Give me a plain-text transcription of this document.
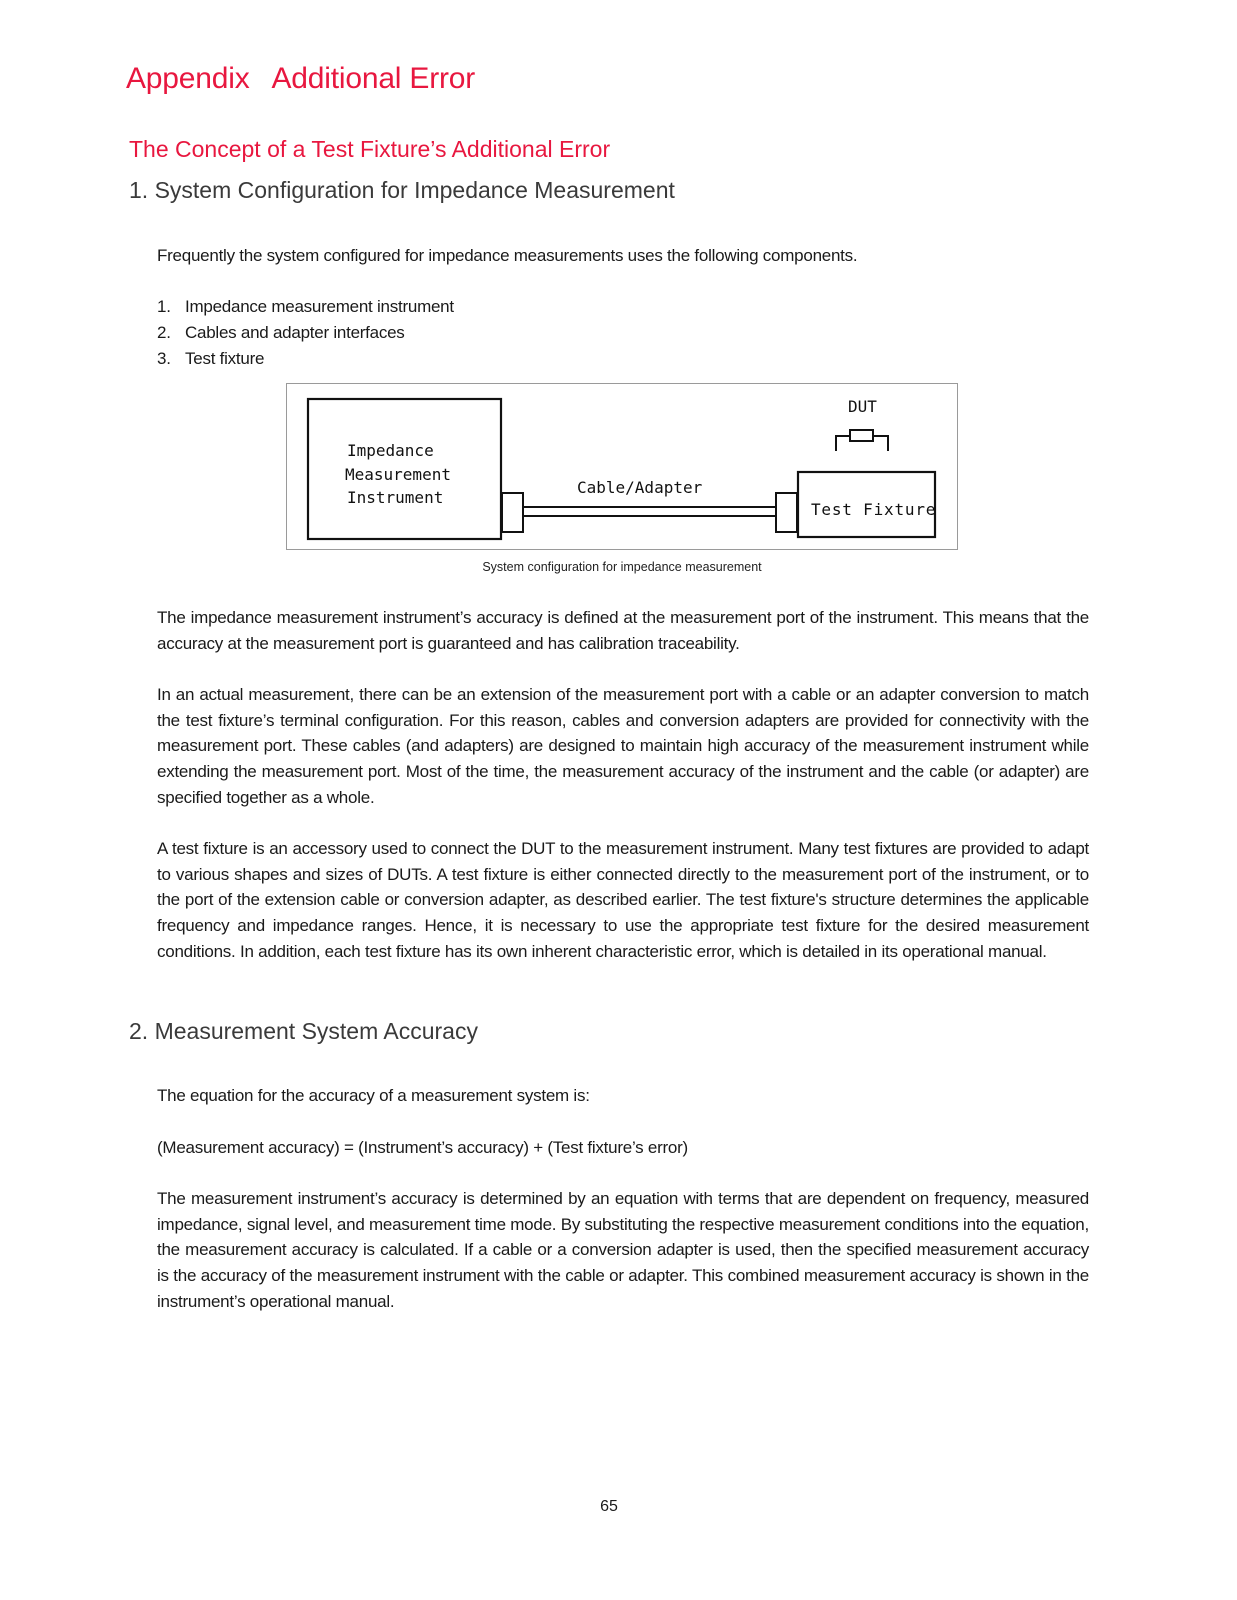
Appendix Additional Error
The Concept of a Test Fixture’s Additional Error
1. System Configuration for Impedance Measurement

Frequently the system configured for impedance measurements uses the following components.

1. Impedance measurement instrument
2. Cables and adapter interfaces
3. Test fixture
Impedance
Measurement
Instrument
Cable/Adapter
Test Fixture
DUT

System configuration for impedance measurement

The impedance measurement instrument’s accuracy is defined at the measurement port of the instrument. This means that the accuracy at the measurement port is guaranteed and has calibration traceability.

In an actual measurement, there can be an extension of the measurement port with a cable or an adapter conversion to match the test fixture’s terminal configuration. For this reason, cables and conversion adapters are provided for connectivity with the measurement port. These cables (and adapters) are designed to maintain high accuracy of the measurement instrument while extending the measurement port. Most of the time, the measurement accuracy of the instrument and the cable (or adapter) are specified together as a whole.

A test fixture is an accessory used to connect the DUT to the measurement instrument. Many test fixtures are provided to adapt to various shapes and sizes of DUTs. A test fixture is either connected directly to the measurement port of the instrument, or to the port of the extension cable or conversion adapter, as described earlier. The test fixture's structure determines the applicable frequency and impedance ranges. Hence, it is necessary to use the appropriate test fixture for the desired measurement conditions. In addition, each test fixture has its own inherent characteristic error, which is detailed in its operational manual.

2. Measurement System Accuracy

The equation for the accuracy of a measurement system is:

(Measurement accuracy) = (Instrument’s accuracy) + (Test fixture’s error)

The measurement instrument’s accuracy is determined by an equation with terms that are dependent on frequency, measured impedance, signal level, and measurement time mode. By substituting the respective measurement conditions into the equation, the measurement accuracy is calculated. If a cable or a conversion adapter is used, then the specified measurement accuracy is the accuracy of the measurement instrument with the cable or adapter. This combined measurement accuracy is shown in the instrument’s operational manual.

65
